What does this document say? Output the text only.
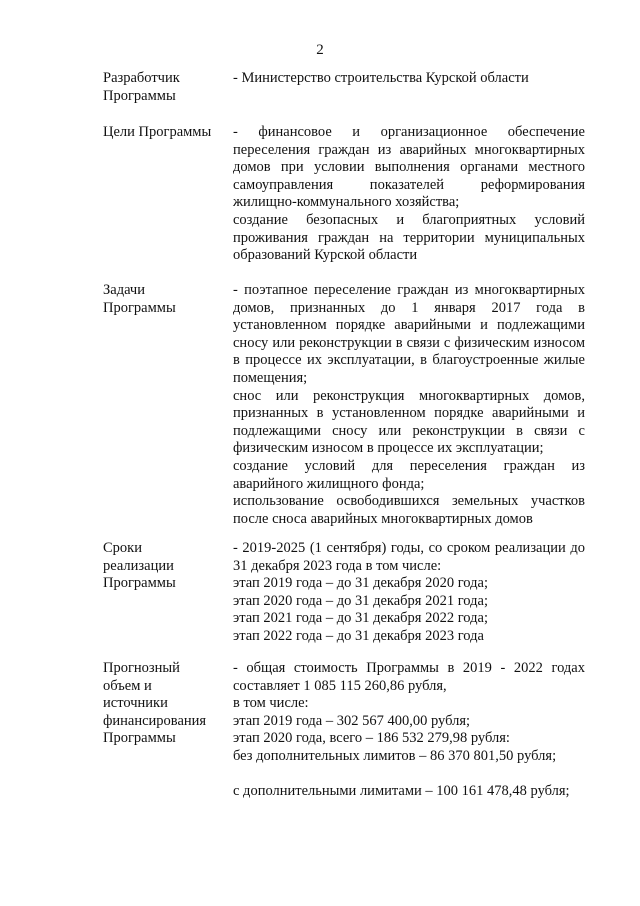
2
Разработчик
Программы

- Министерство строительства Курской области

Цели Программы	- финансовое и организационное обеспечение переселения граждан из аварийных многоквартирных домов при условии выполнения органами местного самоуправления показателей реформирования жилищно-коммунального хозяйства;

создание безопасных и благоприятных условий проживания граждан на территории муниципальных образований Курской области

Задачи
Программы

- поэтапное переселение граждан из многоквартирных домов, признанных до 1 января 2017 года в установленном порядке аварийными и подлежащими сносу или реконструкции в связи с физическим износом в процессе их эксплуатации, в благоустроенные жилые помещения;

снос или реконструкция многоквартирных домов, признанных в установленном порядке аварийными и подлежащими сносу или реконструкции в связи с физическим износом в процессе их эксплуатации;

создание условий для переселения граждан из аварийного жилищного фонда;

использование освободившихся земельных участков после сноса аварийных многоквартирных домов

Сроки
реализации
Программы

- 2019-2025 (1 сентября) годы, со сроком реализации до 31 декабря 2023 года в том числе:

этап 2019 года – до 31 декабря 2020 года;

этап 2020 года – до 31 декабря 2021 года;

этап 2021 года – до 31 декабря 2022 года;

этап 2022 года – до 31 декабря 2023 года

Прогнозный
объем и
источники
финансирования
Программы

- общая стоимость Программы в 2019 - 2022 годах составляет 1 085 115 260,86 рубля,

в том числе:

этап 2019 года – 302 567 400,00 рубля;

этап 2020 года, всего – 186 532 279,98 рубля:

без дополнительных лимитов – 86 370 801,50 рубля;

с дополнительными лимитами – 100 161 478,48 рубля;
